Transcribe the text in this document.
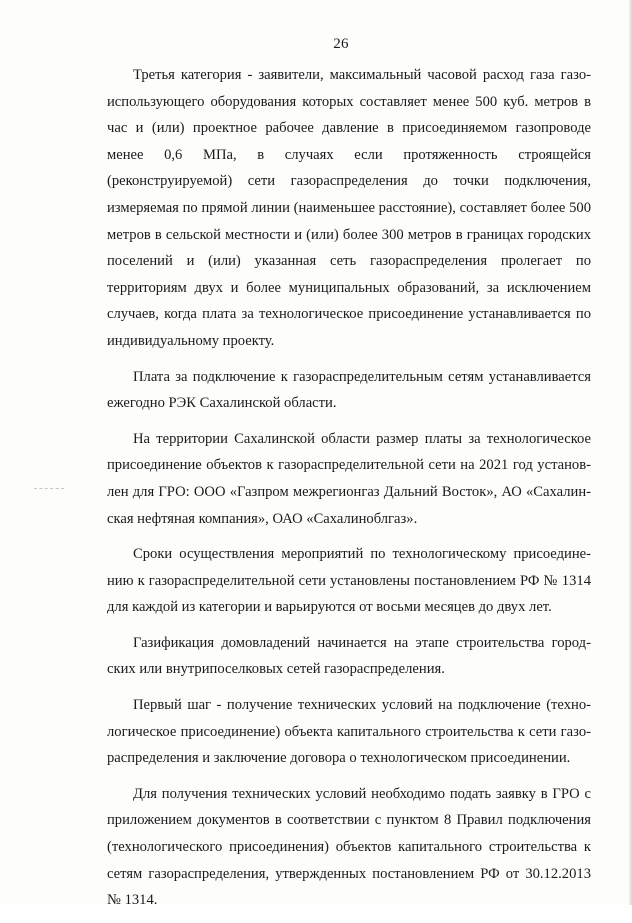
26

Третья категория - заявители, максимальный часовой расход газа газоиспользующего оборудования которых составляет менее 500 куб. метров в час и (или) проектное рабочее давление в присоединяемом газопроводе менее 0,6 МПа, в случаях если протяженность строящейся (реконструируемой) сети газораспределения до точки подключения, измеряемая по прямой линии (наименьшее расстояние), составляет более 500 метров в сельской местности и (или) более 300 метров в границах городских поселений и (или) указанная сеть газораспределения пролегает по территориям двух и более муниципальных образований, за исключением случаев, когда плата за технологическое присоединение устанавливается по индивидуальному проекту.

Плата за подключение к газораспределительным сетям устанавливается ежегодно РЭК Сахалинской области.

На территории Сахалинской области размер платы за технологическое присоединение объектов к газораспределительной сети на 2021 год установлен для ГРО: ООО «Газпром межрегионгаз Дальний Восток», АО «Сахалинская нефтяная компания», ОАО «Сахалиноблгаз».

Сроки осуществления мероприятий по технологическому присоединению к газораспределительной сети установлены постановлением РФ № 1314 для каждой из категории и варьируются от восьми месяцев до двух лет.

Газификация домовладений начинается на этапе строительства городских или внутрипоселковых сетей газораспределения.

Первый шаг - получение технических условий на подключение (технологическое присоединение) объекта капитального строительства к сети газораспределения и заключение договора о технологическом присоединении.

Для получения технических условий необходимо подать заявку в ГРО с приложением документов в соответствии с пунктом 8 Правил подключения (технологического присоединения) объектов капитального строительства к сетям газораспределения, утвержденных постановлением РФ от 30.12.2013 № 1314.
